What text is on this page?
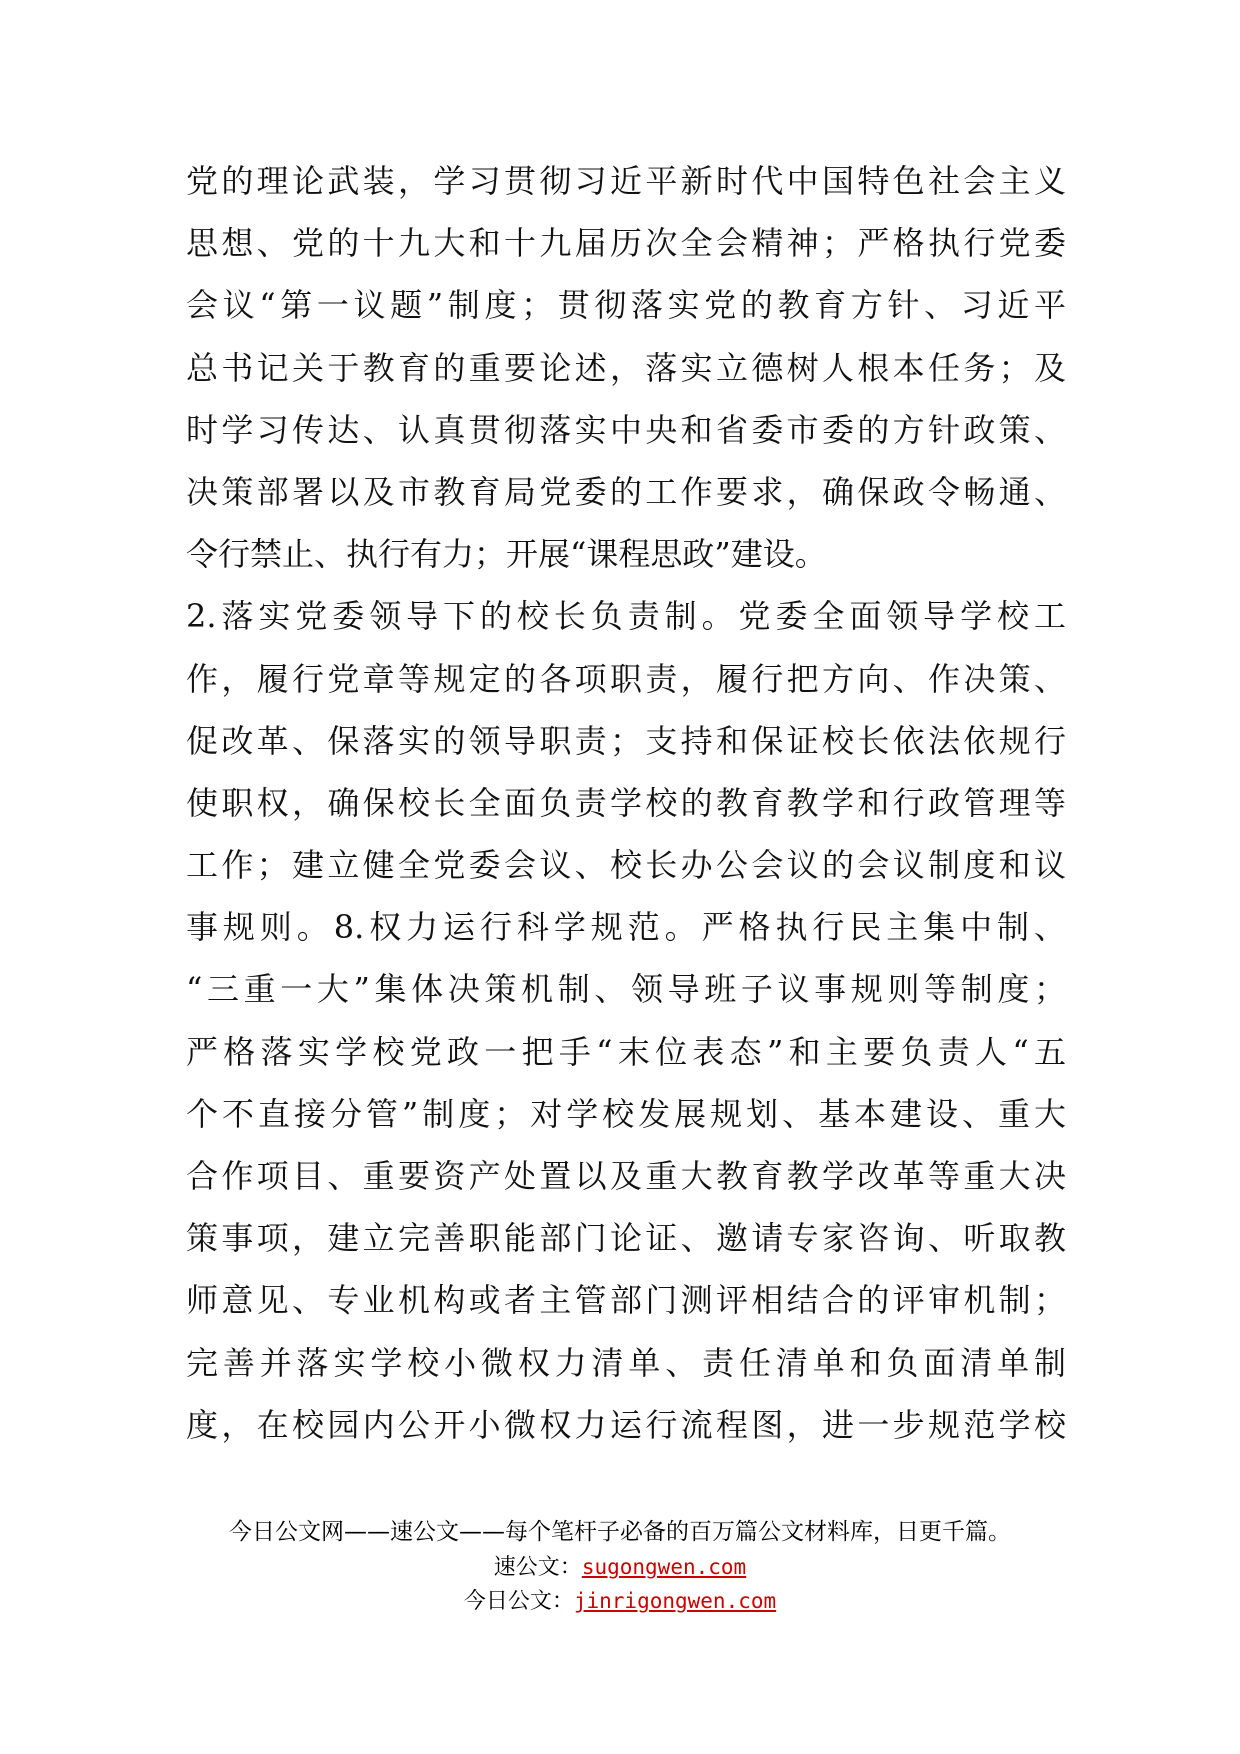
党的理论武装，学习贯彻习近平新时代中国特色社会主义
思想、党的十九大和十九届历次全会精神；严格执行党委
会议“第一议题”制度；贯彻落实党的教育方针、习近平
总书记关于教育的重要论述，落实立德树人根本任务；及
时学习传达、认真贯彻落实中央和省委市委的方针政策、
决策部署以及市教育局党委的工作要求，确保政令畅通、
令行禁止、执行有力；开展“课程思政”建设。
2.落实党委领导下的校长负责制。党委全面领导学校工
作，履行党章等规定的各项职责，履行把方向、作决策、
促改革、保落实的领导职责；支持和保证校长依法依规行
使职权，确保校长全面负责学校的教育教学和行政管理等
工作；建立健全党委会议、校长办公会议的会议制度和议
事规则。8.权力运行科学规范。严格执行民主集中制、
“三重一大”集体决策机制、领导班子议事规则等制度；
严格落实学校党政一把手“末位表态”和主要负责人“五
个不直接分管”制度；对学校发展规划、基本建设、重大
合作项目、重要资产处置以及重大教育教学改革等重大决
策事项，建立完善职能部门论证、邀请专家咨询、听取教
师意见、专业机构或者主管部门测评相结合的评审机制；
完善并落实学校小微权力清单、责任清单和负面清单制
度，在校园内公开小微权力运行流程图，进一步规范学校
今日公文网——速公文——每个笔杆子必备的百万篇公文材料库，日更千篇。
速公文：sugongwen.com
今日公文：jinrigongwen.com
